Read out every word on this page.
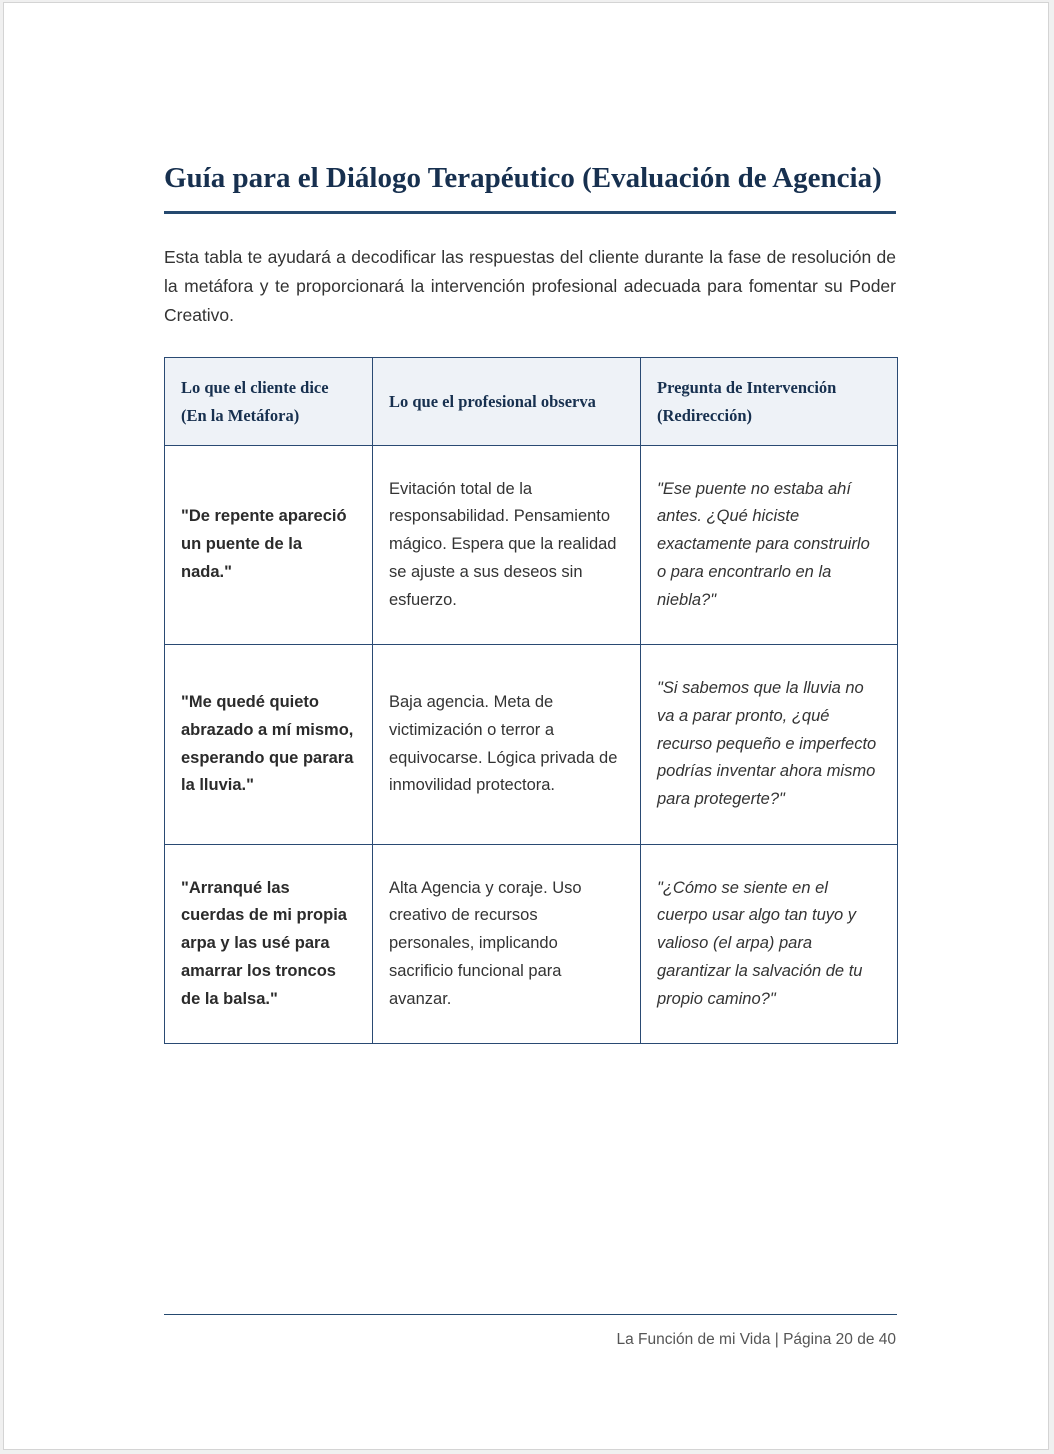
Guía para el Diálogo Terapéutico (Evaluación de Agencia)

Esta tabla te ayudará a decodificar las respuestas del cliente durante la fase de resolución de la metáfora y te proporcionará la intervención profesional adecuada para fomentar su Poder Creativo.

Lo que el cliente dice (En la Metáfora)	Lo que el profesional observa	Pregunta de Intervención (Redirección)
"De repente apareció un puente de la nada."	Evitación total de la responsabilidad. Pensamiento mágico. Espera que la realidad se ajuste a sus deseos sin esfuerzo.	"Ese puente no estaba ahí antes. ¿Qué hiciste exactamente para construirlo o para encontrarlo en la niebla?"
"Me quedé quieto abrazado a mí mismo, esperando que parara la lluvia."	Baja agencia. Meta de victimización o terror a equivocarse. Lógica privada de inmovilidad protectora.	"Si sabemos que la lluvia no va a parar pronto, ¿qué recurso pequeño e imperfecto podrías inventar ahora mismo para protegerte?"
"Arranqué las cuerdas de mi propia arpa y las usé para amarrar los troncos de la balsa."	Alta Agencia y coraje. Uso creativo de recursos personales, implicando sacrificio funcional para avanzar.	"¿Cómo se siente en el cuerpo usar algo tan tuyo y valioso (el arpa) para garantizar la salvación de tu propio camino?"
La Función de mi Vida | Página 20 de 40
